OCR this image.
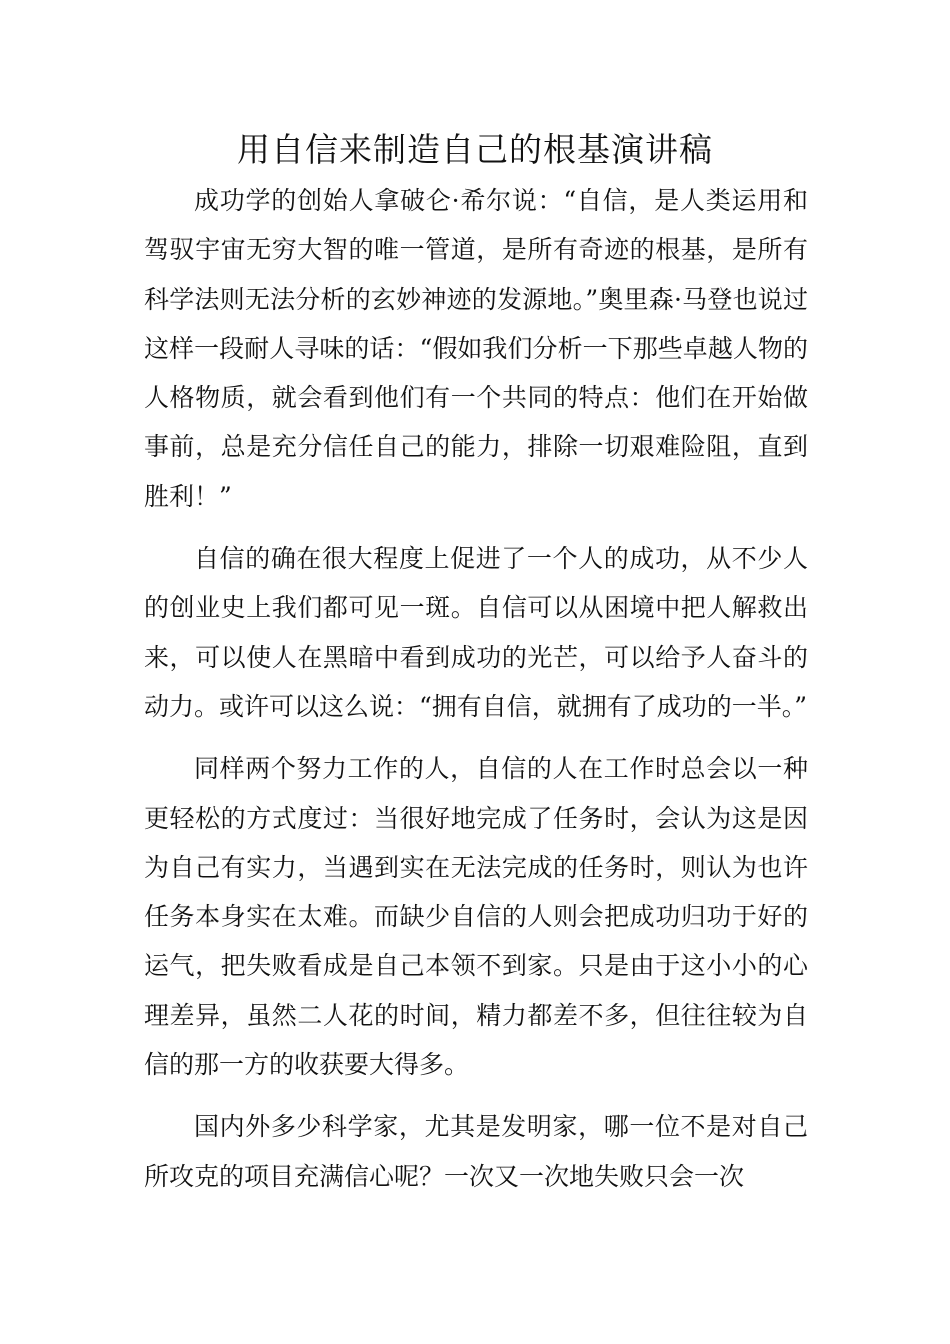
用自信来制造自己的根基演讲稿

成功学的创始人拿破仑·希尔说：“自信，是人类运用和驾驭宇宙无穷大智的唯一管道，是所有奇迹的根基，是所有科学法则无法分析的玄妙神迹的发源地。”奥里森·马登也说过这样一段耐人寻味的话：“假如我们分析一下那些卓越人物的人格物质，就会看到他们有一个共同的特点：他们在开始做事前，总是充分信任自己的能力，排除一切艰难险阻，直到胜利！”

自信的确在很大程度上促进了一个人的成功，从不少人的创业史上我们都可见一斑。自信可以从困境中把人解救出来，可以使人在黑暗中看到成功的光芒，可以给予人奋斗的动力。或许可以这么说：“拥有自信，就拥有了成功的一半。”

同样两个努力工作的人，自信的人在工作时总会以一种更轻松的方式度过：当很好地完成了任务时，会认为这是因为自己有实力，当遇到实在无法完成的任务时，则认为也许任务本身实在太难。而缺少自信的人则会把成功归功于好的运气，把失败看成是自己本领不到家。只是由于这小小的心理差异，虽然二人花的时间，精力都差不多，但往往较为自信的那一方的收获要大得多。

国内外多少科学家，尤其是发明家，哪一位不是对自己所攻克的项目充满信心呢？一次又一次地失败只会一次
